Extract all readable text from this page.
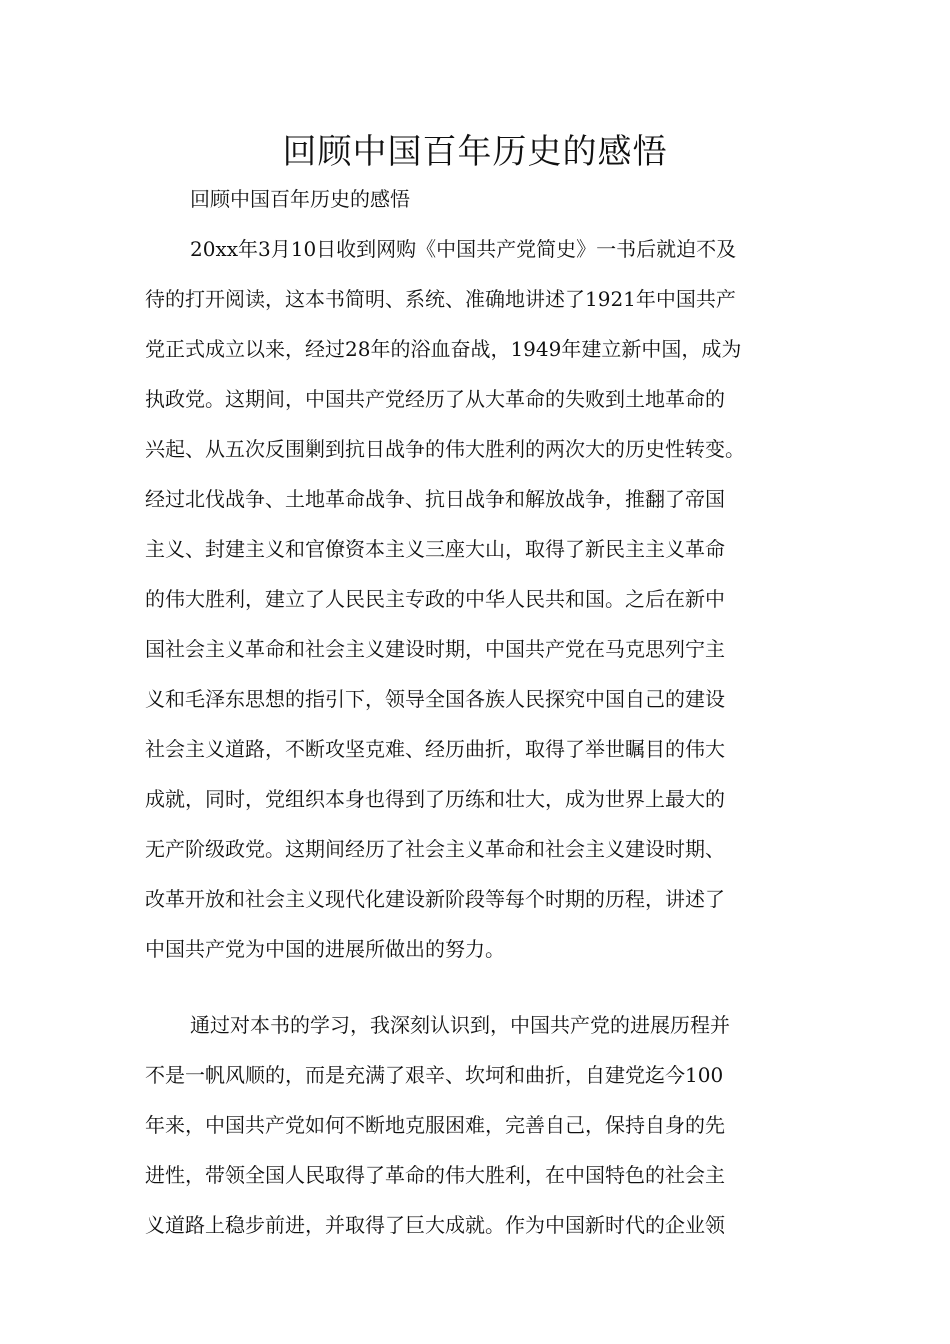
回顾中国百年历史的感悟

回顾中国百年历史的感悟

20xx年3月10日收到网购《中国共产党简史》一书后就迫不及

待的打开阅读，这本书简明、系统、准确地讲述了1921年中国共产

党正式成立以来，经过28年的浴血奋战，1949年建立新中国，成为

执政党。这期间，中国共产党经历了从大革命的失败到土地革命的

兴起、从五次反围剿到抗日战争的伟大胜利的两次大的历史性转变。

经过北伐战争、土地革命战争、抗日战争和解放战争，推翻了帝国

主义、封建主义和官僚资本主义三座大山，取得了新民主主义革命

的伟大胜利，建立了人民民主专政的中华人民共和国。之后在新中

国社会主义革命和社会主义建设时期，中国共产党在马克思列宁主

义和毛泽东思想的指引下，领导全国各族人民探究中国自己的建设

社会主义道路，不断攻坚克难、经历曲折，取得了举世瞩目的伟大

成就，同时，党组织本身也得到了历练和壮大，成为世界上最大的

无产阶级政党。这期间经历了社会主义革命和社会主义建设时期、

改革开放和社会主义现代化建设新阶段等每个时期的历程，讲述了

中国共产党为中国的进展所做出的努力。

通过对本书的学习，我深刻认识到，中国共产党的进展历程并

不是一帆风顺的，而是充满了艰辛、坎坷和曲折，自建党迄今100

年来，中国共产党如何不断地克服困难，完善自己，保持自身的先

进性，带领全国人民取得了革命的伟大胜利，在中国特色的社会主

义道路上稳步前进，并取得了巨大成就。作为中国新时代的企业领
